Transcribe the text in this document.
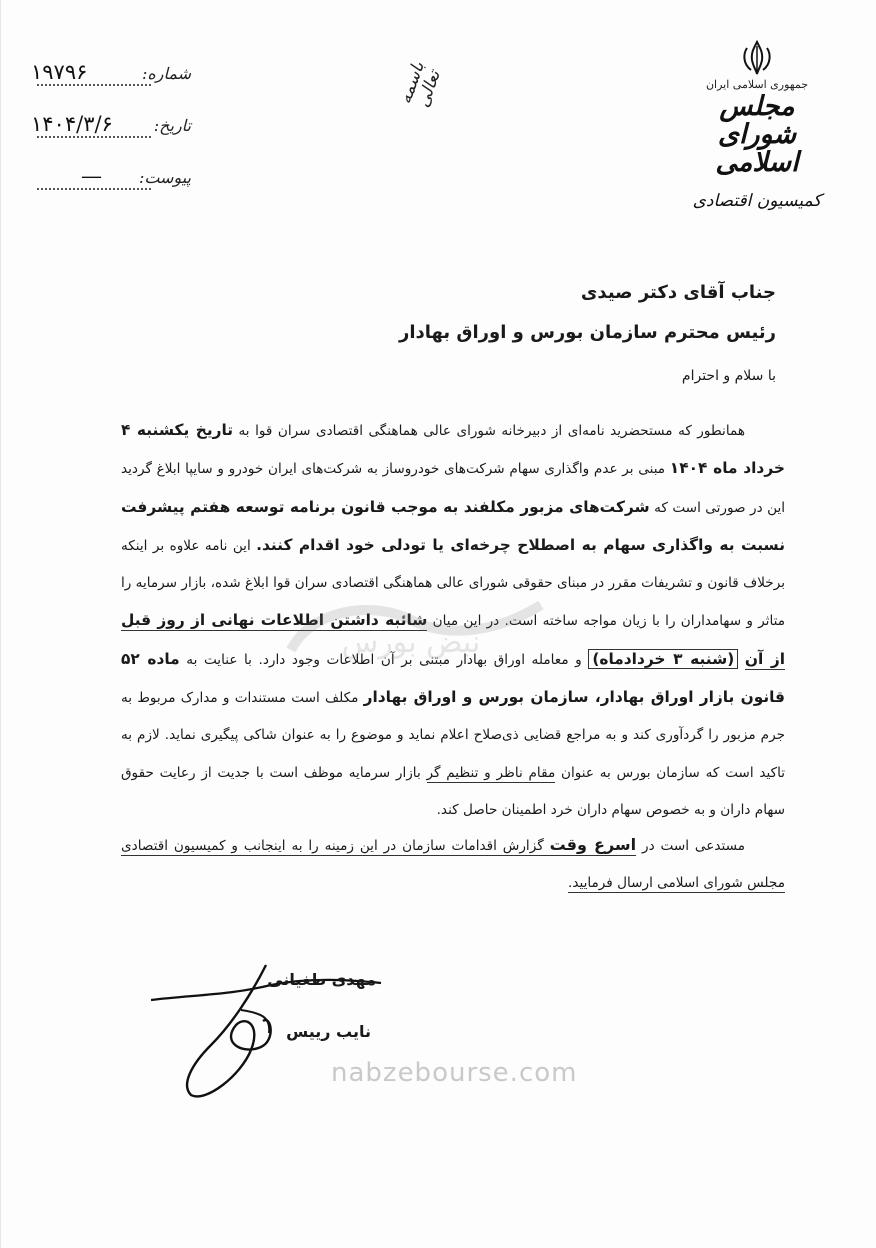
جمهوری اسلامی ایران
مجلس شورای اسلامی
کمیسیون اقتصادی
باسمه تعالی
شماره:
۱۹۷۹۶
تاریخ:
۱۴۰۴/۳/۶
پیوست:
—
جناب آقای دکتر صیدی
رئیس محترم سازمان بورس و اوراق بهادار
با سلام و احترام
همانطور که مستحضرید نامه‌ای از دبیرخانه شورای عالی هماهنگی اقتصادی سران قوا به تاریخ یکشنبه ۴ خرداد ماه ۱۴۰۴ مبنی بر عدم واگذاری سهام شرکت‌های خودروساز به شرکت‌های ایران خودرو و سایپا ابلاغ گردید این در صورتی است که شرکت‌های مزبور مکلفند به موجب قانون برنامه توسعه هفتم پیشرفت نسبت به واگذاری سهام به اصطلاح چرخه‌ای یا تودلی خود اقدام کنند. این نامه علاوه بر اینکه برخلاف قانون و تشریفات مقرر در مبنای حقوقی شورای عالی هماهنگی اقتصادی سران قوا ابلاغ شده، بازار سرمایه را متاثر و سهامداران را با زیان مواجه ساخته است. در این میان شائبه داشتن اطلاعات نهانی از روز قبل از آن (شنبه ۳ خردادماه) و معامله اوراق بهادار مبتنی بر آن اطلاعات وجود دارد. با عنایت به ماده ۵۲ قانون بازار اوراق بهادار، سازمان بورس و اوراق بهادار مکلف است مستندات و مدارک مربوط به جرم مزبور را گردآوری کند و به مراجع قضایی ذی‌صلاح اعلام نماید و موضوع را به عنوان شاکی پیگیری نماید. لازم به تاکید است که سازمان بورس به عنوان مقام ناظر و تنظیم گر بازار سرمایه موظف است با جدیت از رعایت حقوق سهام داران و به خصوص سهام داران خرد اطمینان حاصل کند.
مستدعی است در اسرع وقت گزارش اقدامات سازمان در این زمینه را به اینجانب و کمیسیون اقتصادی مجلس شورای اسلامی ارسال فرمایید.
مهدی طغیانی
نایب رییس
نبض بورس
nabzebourse.com
